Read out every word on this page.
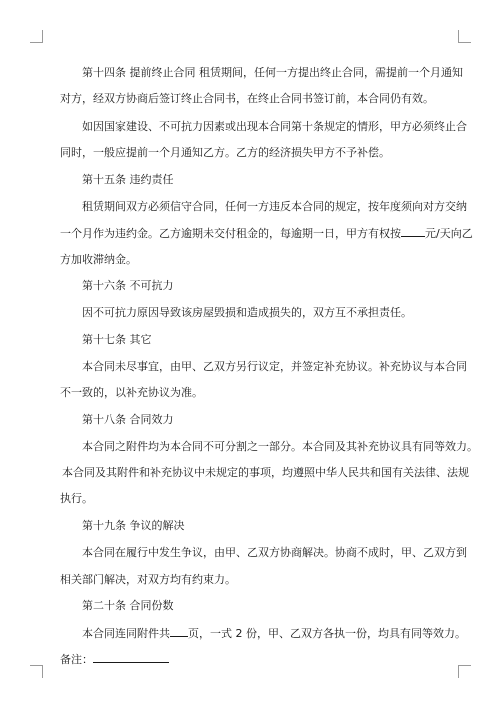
第十四条 提前终止合同 租赁期间，任何一方提出终止合同，需提前一个月通知
对方，经双方协商后签订终止合同书，在终止合同书签订前，本合同仍有效。
如因国家建设、不可抗力因素或出现本合同第十条规定的情形，甲方必须终止合
同时，一般应提前一个月通知乙方。乙方的经济损失甲方不予补偿。
第十五条 违约责任
租赁期间双方必须信守合同，任何一方违反本合同的规定，按年度须向对方交纳
一个月作为违约金。乙方逾期未交付租金的，每逾期一日，甲方有权按 元/天向乙
方加收滞纳金。
第十六条 不可抗力
因不可抗力原因导致该房屋毁损和造成损失的，双方互不承担责任。
第十七条 其它
本合同未尽事宜，由甲、乙双方另行议定，并签定补充协议。补充协议与本合同
不一致的，以补充协议为准。
第十八条 合同效力
本合同之附件均为本合同不可分割之一部分。本合同及其补充协议具有同等效力。
本合同及其附件和补充协议中未规定的事项，均遵照中华人民共和国有关法律、法规
执行。
第十九条 争议的解决
本合同在履行中发生争议，由甲、乙双方协商解决。协商不成时，甲、乙双方到
相关部门解决，对双方均有约束力。
第二十条 合同份数
本合同连同附件共 页，一式 2 份，甲、乙双方各执一份，均具有同等效力。
备注：
